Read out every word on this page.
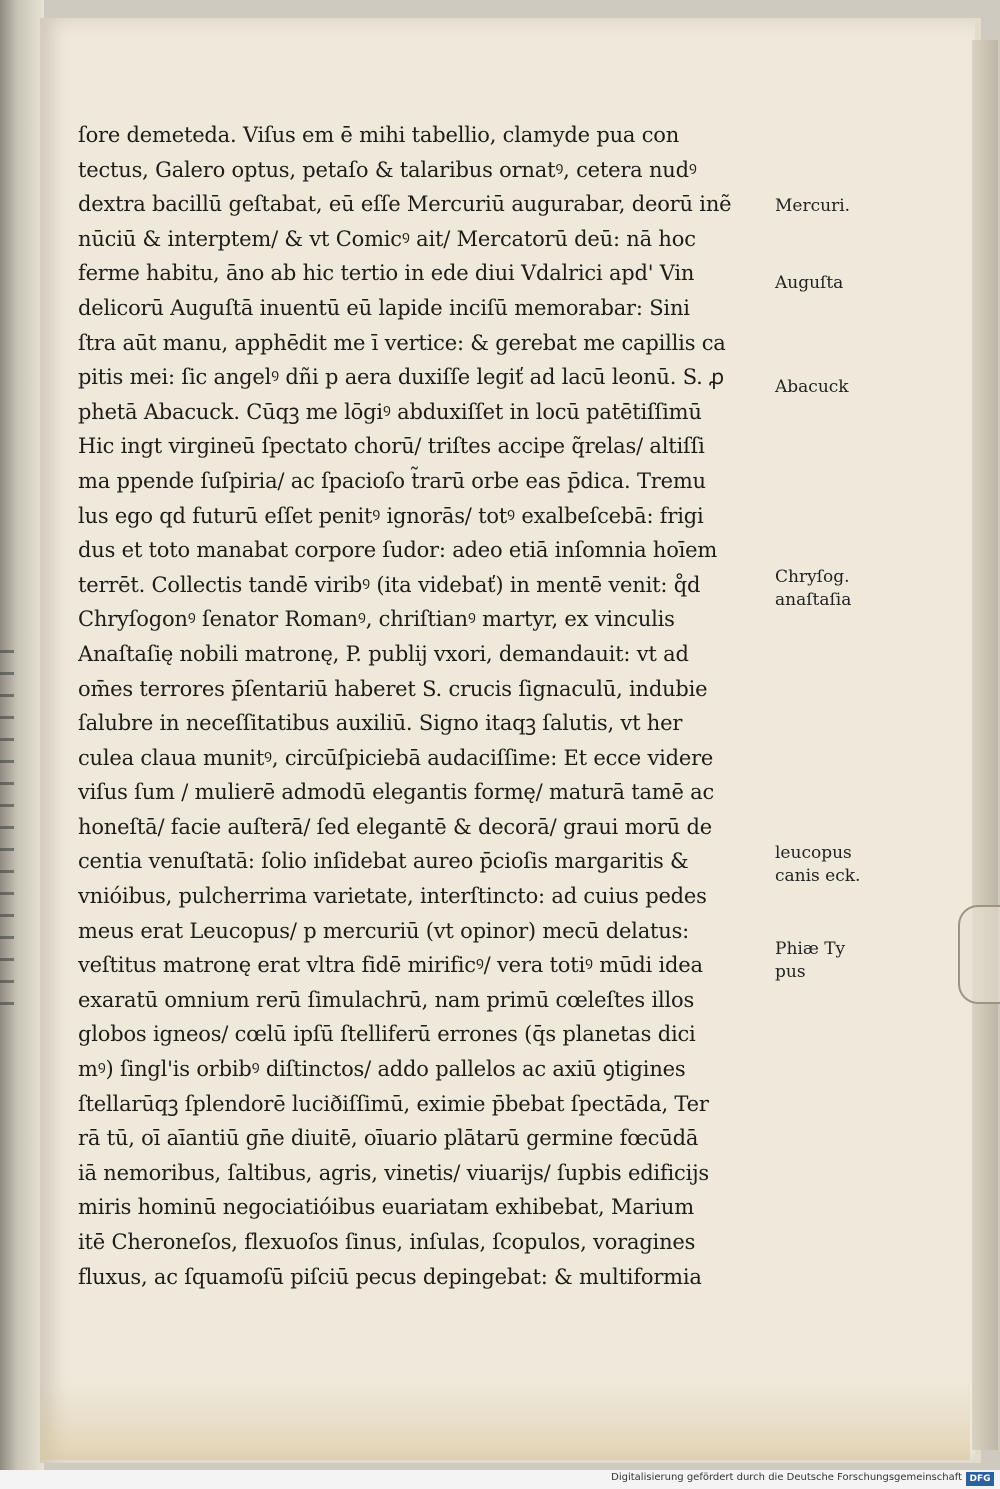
ſore demeteda. Viſus em ē mihi tabellio, clamyde pua con
tectus, Galero optus, petaſo & talaribus ornatꝰ, cetera nudꝰ
dextra bacillū geſtabat, eū eſſe Mercuriū augurabar, deorū inẽ
nūciū & interptem/ & vt Comicꝰ ait/ Mercatorū deū: nā hoc
ferme habitu, āno ab hic tertio in ede diui Vdalrici apd' Vin
delicorū Auguſtā inuentū eū lapide inciſū memorabar: Sini
ſtra aūt manu, apphēdit me ī vertice: & gerebat me capillis ca
pitis mei: ſic angelꝰ dñi p aera duxiſſe legiť ad lacū leonū. S. ꝓ
phetā Abacuck. Cūqꝫ me lōgiꝰ abduxiſſet in locū patētiſſimū
Hic ingt virgineū ſpectato chorū/ triſtes accipe q̃relas/ altiſſi
ma ppende ſuſpiria/ ac ſpacioſo t̃rarū orbe eas p̄dica. Tremu
lus ego qd futurū eſſet penitꝰ ignorās/ totꝰ exalbeſcebā: frigi
dus et toto manabat corpore ſudor: adeo etiā inſomnia hoīem
terrēt. Collectis tandē viribꝰ (ita videbať) in mentē venit: q̊d
Chryſogonꝰ ſenator Romanꝰ, chriſtianꝰ martyr, ex vinculis
Anaſtaſię nobili matronę, P. publij vxori, demandauit: vt ad
om̄es terrores p̄ſentariū haberet S. crucis ſignaculū, indubie
ſalubre in neceſſitatibus auxiliū. Signo itaqꝫ ſalutis, vt her
culea claua munitꝰ, circūſpiciebā audaciſſime: Et ecce videre
viſus ſum / mulierē admodū elegantis formę/ maturā tamē ac
honeſtā/ facie auſterā/ ſed elegantē & decorā/ graui morū de
centia venuſtatā: ſolio inſidebat aureo p̄cioſis margaritis &
vnióibus, pulcherrima varietate, interſtincto: ad cuius pedes
meus erat Leucopus/ p mercuriū (vt opinor) mecū delatus:
veſtitus matronę erat vltra fidē mirificꝰ/ vera totiꝰ mūdi idea
exaratū omnium rerū ſimulachrū, nam primū cœleſtes illos
globos igneos/ cœlū ipſū ſtelliferū errones (q̄s planetas dici
mꝰ) ſingl'is orbibꝰ diſtinctos/ addo pallelos ac axiū ꝯtigines
ſtellarūqꝫ ſplendorē luciðiſſimū, eximie p̄bebat ſpectāda, Ter
rā tū, oī aīantiū gn̄e diuitē, oīuario plātarū germine fœcūdā
iā nemoribus, ſaltibus, agris, vinetis/ viuarijs/ ſupbis edificijs
miris hominū negociatióibus euariatam exhibebat, Marium
itē Cheroneſos, flexuoſos ſinus, inſulas, ſcopulos, voragines
fluxus, ac ſquamoſū piſciū pecus depingebat: & multiformia
Mercuri.
Auguſta
Abacuck
Chryſog.
anaſtaſia
leucopus
canis eck.
Phiæ Ty
pus
Digitalisierung gefördert durch die Deutsche Forschungsgemeinschaft DFG
